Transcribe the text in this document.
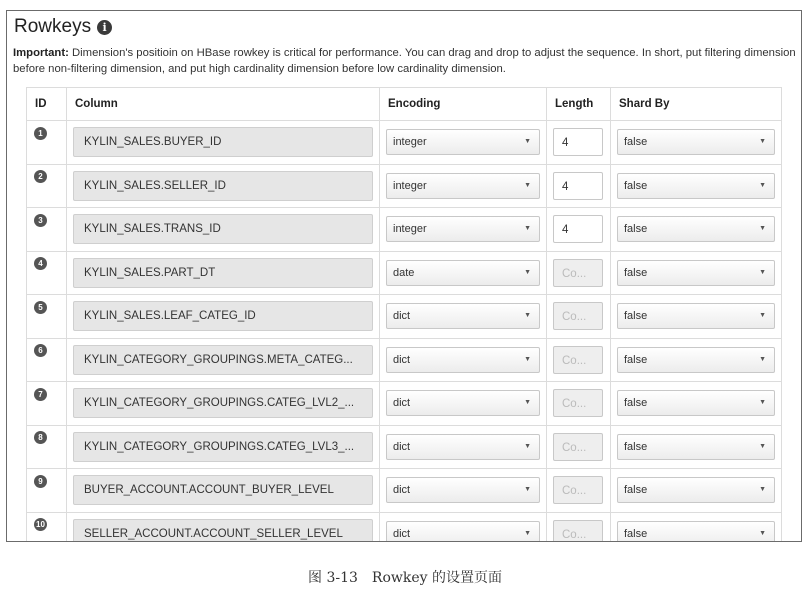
Rowkeys	i
Important: Dimension's positioin on HBase rowkey is critical for performance. You can drag and drop to adjust the sequence. In short, put filtering dimension before non-filtering dimension, and put high cardinality dimension before low cardinality dimension.
ID	Column	Encoding	Length	Shard By
1	KYLIN_SALES.BUYER_ID	integer ▼	4	false ▼

2	KYLIN_SALES.SELLER_ID	integer ▼	4	false ▼

3	KYLIN_SALES.TRANS_ID	integer ▼	4	false ▼

4	KYLIN_SALES.PART_DT	date ▼	Co...	false ▼

5	KYLIN_SALES.LEAF_CATEG_ID	dict ▼	Co...	false ▼

6	KYLIN_CATEGORY_GROUPINGS.META_CATEG...	dict ▼	Co...	false ▼

7	KYLIN_CATEGORY_GROUPINGS.CATEG_LVL2_...	dict ▼	Co...	false ▼

8	KYLIN_CATEGORY_GROUPINGS.CATEG_LVL3_...	dict ▼	Co...	false ▼

9	BUYER_ACCOUNT.ACCOUNT_BUYER_LEVEL	dict ▼	Co...	false ▼

10	SELLER_ACCOUNT.ACCOUNT_SELLER_LEVEL	dict ▼	Co...	false ▼
图 3-13　Rowkey 的设置页面
